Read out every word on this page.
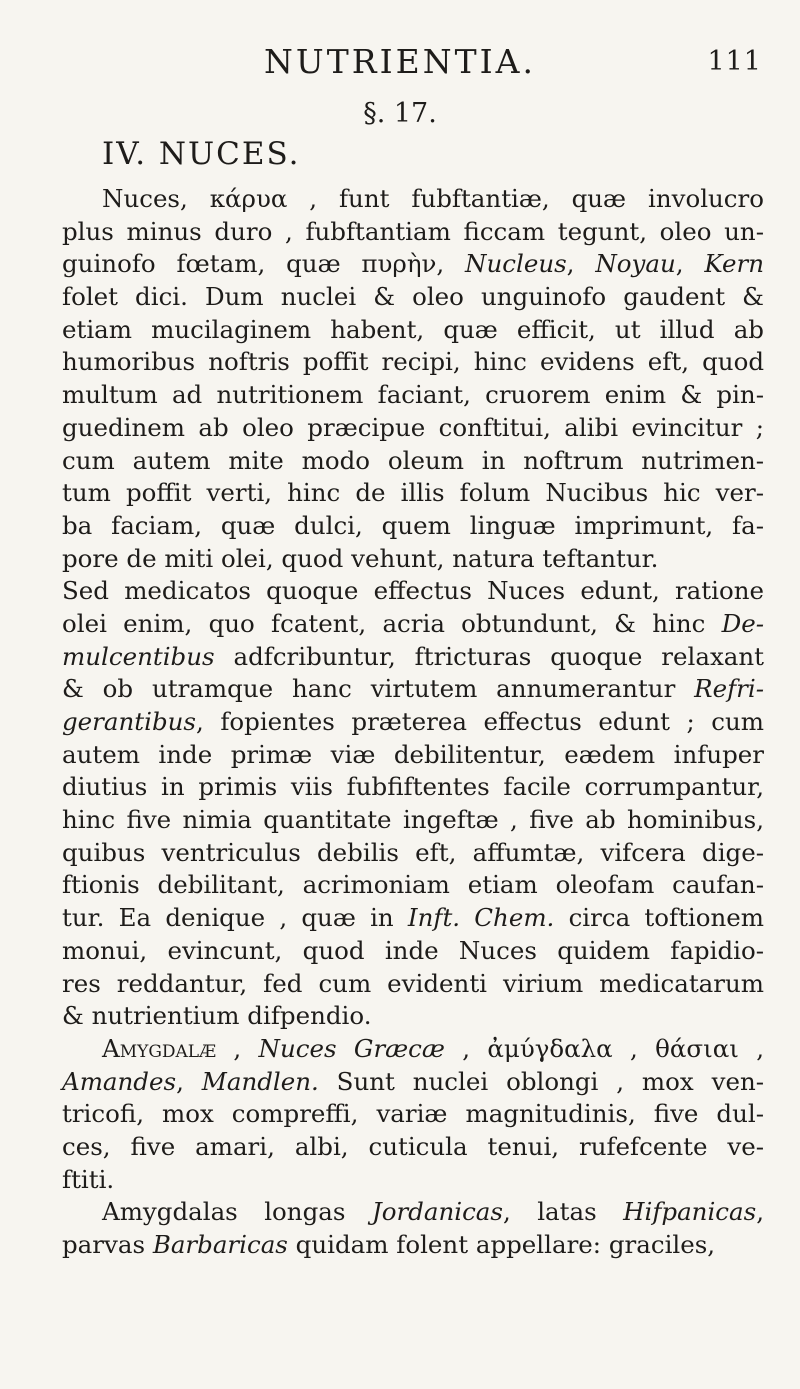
NUTRIENTIA.	111
§. 17.
IV. NUCES.
Nuces, κάρυα , funt fubftantiæ, quæ involucro
plus minus duro , fubftantiam ficcam tegunt, oleo un-
guinofo fœtam, quæ πυρὴν, Nucleus, Noyau, Kern
folet dici. Dum nuclei & oleo unguinofo gaudent &
etiam mucilaginem habent, quæ efficit, ut illud ab
humoribus noftris poffit recipi, hinc evidens eft, quod
multum ad nutritionem faciant, cruorem enim & pin-
guedinem ab oleo præcipue conftitui, alibi evincitur ;
cum autem mite modo oleum in noftrum nutrimen-
tum poffit verti, hinc de illis folum Nucibus hic ver-
ba faciam, quæ dulci, quem linguæ imprimunt, fa-
pore de miti olei, quod vehunt, natura teftantur.
Sed medicatos quoque effectus Nuces edunt, ratione
olei enim, quo fcatent, acria obtundunt, & hinc De-
mulcentibus adfcribuntur, ftricturas quoque relaxant
& ob utramque hanc virtutem annumerantur Refri-
gerantibus, fopientes præterea effectus edunt ; cum
autem inde primæ viæ debilitentur, eædem infuper
diutius in primis viis fubfiftentes facile corrumpantur,
hinc five nimia quantitate ingeftæ , five ab hominibus,
quibus ventriculus debilis eft, affumtæ, vifcera dige-
ftionis debilitant, acrimoniam etiam oleofam caufan-
tur. Ea denique , quæ in Inft. Chem. circa toftionem
monui, evincunt, quod inde Nuces quidem fapidio-
res reddantur, fed cum evidenti virium medicatarum
& nutrientium difpendio.
Amygdalæ , Nuces Græcæ , ἀμύγδαλα , θάσιαι ,
Amandes, Mandlen. Sunt nuclei oblongi , mox ven-
tricofi, mox compreffi, variæ magnitudinis, five dul-
ces, five amari, albi, cuticula tenui, rufefcente ve-
ftiti.
Amygdalas longas Jordanicas, latas Hifpanicas,
parvas Barbaricas quidam folent appellare: graciles,
